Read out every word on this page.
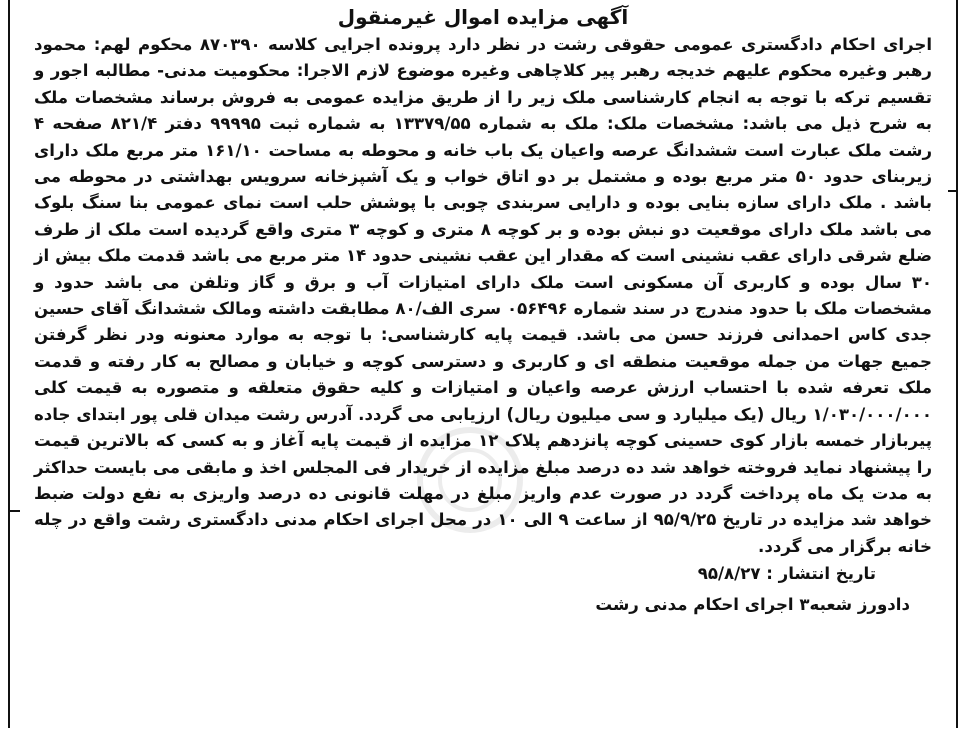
آگهی مزایده اموال غیرمنقول

اجرای احکام دادگستری عمومی حقوقی رشت در نظر دارد پرونده اجرایی کلاسه ۸۷۰۳۹۰ محکوم لهم: محمود رهبر وغیره محکوم علیهم خدیجه رهبر پیر کلاچاهی وغیره موضوع لازم الاجرا: محکومیت مدنی- مطالبه اجور و تقسیم ترکه با توجه به انجام کارشناسی ملک زیر را از طریق مزایده عمومی به فروش برساند مشخصات ملک به شرح ذیل می باشد: مشخصات ملک: ملک به شماره ۱۳۳۷۹/۵۵ به شماره ثبت ۹۹۹۹۵ دفتر ۸۲۱/۴ صفحه ۴ رشت ملک عبارت است ششدانگ عرصه واعیان یک باب خانه و محوطه به مساحت ۱۶۱/۱۰ متر مربع ملک دارای زیربنای حدود ۵۰ متر مربع بوده و مشتمل بر دو اتاق خواب و یک آشپزخانه سرویس بهداشتی در محوطه می باشد . ملک دارای سازه بنایی بوده و دارایی سربندی چوبی با پوشش حلب است نمای عمومی بنا سنگ بلوک می باشد ملک دارای موقعیت دو نبش بوده و بر کوچه ۸ متری و کوچه ۳ متری واقع گردیده است ملک از طرف ضلع شرقی دارای عقب نشینی است که مقدار این عقب نشینی حدود ۱۴ متر مربع می باشد قدمت ملک بیش از ۳۰ سال بوده و کاربری آن مسکونی است ملک دارای امتیازات آب و برق و گاز وتلفن می باشد حدود و مشخصات ملک با حدود مندرج در سند شماره ۰۵۶۴۹۶ سری الف/۸۰ مطابقت داشته ومالک ششدانگ آقای حسین جدی کاس احمدانی فرزند حسن می باشد. قیمت پایه کارشناسی: با توجه به موارد معنونه ودر نظر گرفتن جمیع جهات من جمله موقعیت منطقه ای و کاربری و دسترسی کوچه و خیابان و مصالح به کار رفته و قدمت ملک تعرفه شده با احتساب ارزش عرصه واعیان و امتیازات و کلیه حقوق متعلقه و متصوره به قیمت کلی ۱/۰۳۰/۰۰۰/۰۰۰ ریال (یک میلیارد و سی میلیون ریال) ارزیابی می گردد. آدرس رشت میدان قلی پور ابتدای جاده پیربازار خمسه بازار کوی حسینی کوچه پانزدهم پلاک ۱۲ مزایده از قیمت پایه آغاز و به کسی که بالاترین قیمت را پیشنهاد نماید فروخته خواهد شد ده درصد مبلغ مزایده از خریدار فی المجلس اخذ و مابقی می بایست حداکثر به مدت یک ماه پرداخت گردد در صورت عدم واریز مبلغ در مهلت قانونی ده درصد واریزی به نفع دولت ضبط خواهد شد مزایده در تاریخ ۹۵/۹/۲۵ از ساعت ۹ الی ۱۰ در محل اجرای احکام مدنی دادگستری رشت واقع در چله خانه برگزار می گردد.

تاریخ انتشار : ۹۵/۸/۲۷
دادورز شعبه۳ اجرای احکام مدنی رشت
